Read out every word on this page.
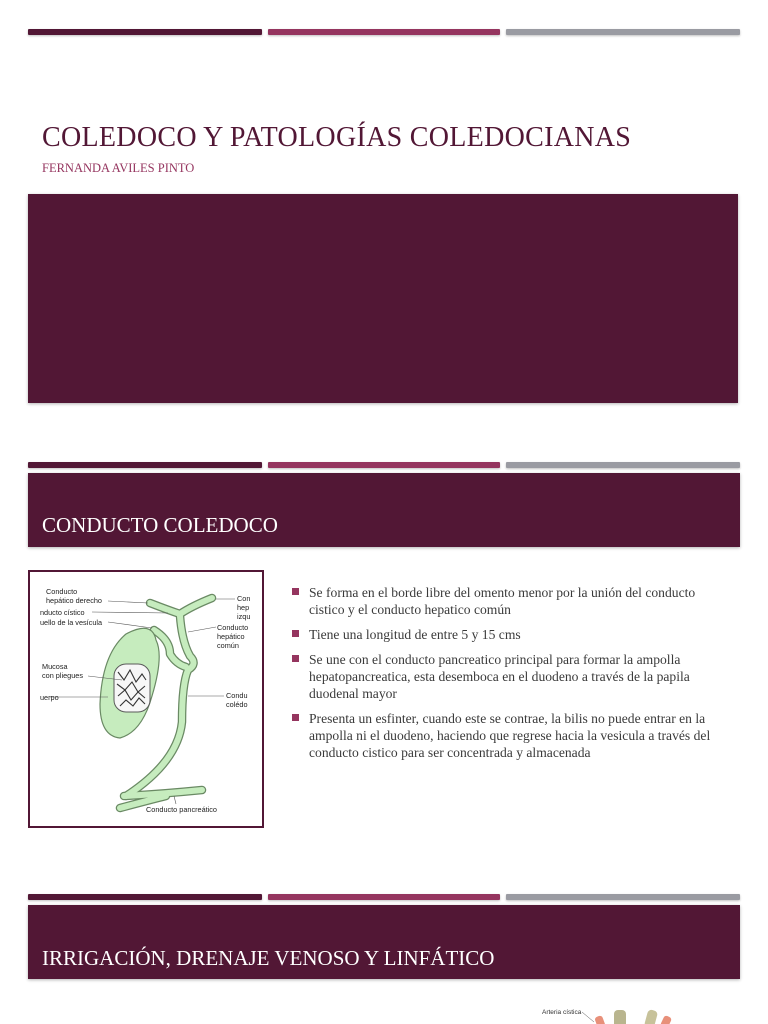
COLEDOCO Y PATOLOGÍAS COLEDOCIANAS

FERNANDA AVILES PINTO

CONDUCTO COLEDOCO
Conducto
hepático derecho
nducto cístico
uello de la vesícula
Mucosa
con pliegues
uerpo
Con
hep
izqu
Conducto
hepático
común
Condu
colédo
Conducto pancreático
Se forma en el borde libre del omento menor por la unión del conducto cistico y el conducto hepatico común
Tiene una longitud de entre 5 y 15 cms
Se une con el conducto pancreatico principal para formar la ampolla hepatopancreatica, esta desemboca en el duodeno a través de la papila duodenal mayor
Presenta un esfinter, cuando este se contrae, la bilis no puede entrar en la ampolla ni el duodeno, haciendo que regrese hacia la vesicula a través del conducto cistico para ser concentrada y almacenada
IRRIGACIÓN, DRENAJE VENOSO Y LINFÁTICO
Arteria cística
